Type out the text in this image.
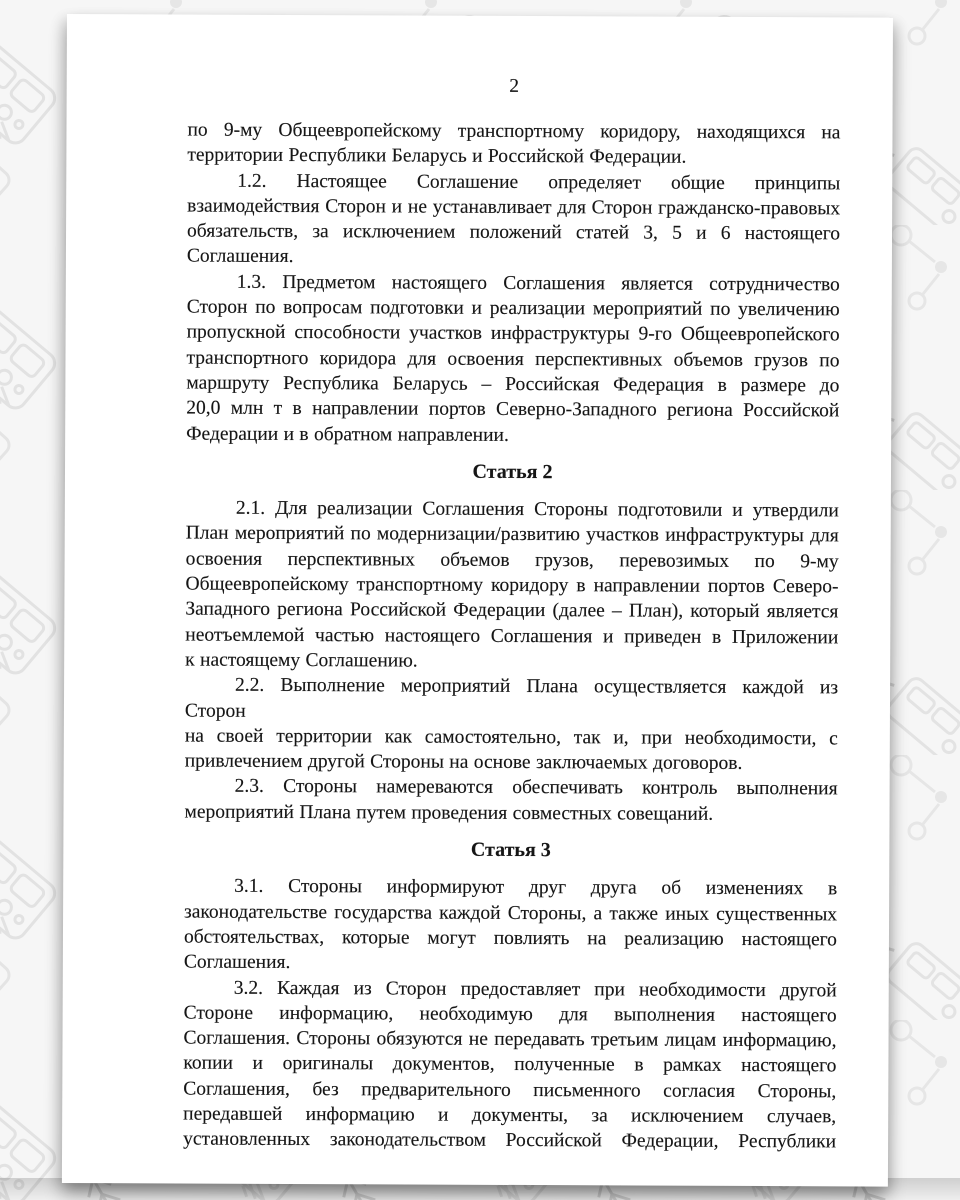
2
по 9-му Общеевропейскому транспортному коридору, находящихся на
территории Республики Беларусь и Российской Федерации.
1.2. Настоящее Соглашение определяет общие принципы
взаимодействия Сторон и не устанавливает для Сторон гражданско-правовых
обязательств, за исключением положений статей 3, 5 и 6 настоящего
Соглашения.
1.3. Предметом настоящего Соглашения является сотрудничество
Сторон по вопросам подготовки и реализации мероприятий по увеличению
пропускной способности участков инфраструктуры 9-го Общеевропейского
транспортного коридора для освоения перспективных объемов грузов по
маршруту Республика Беларусь – Российская Федерация в размере до
20,0 млн т в направлении портов Северно-Западного региона Российской
Федерации и в обратном направлении.
Статья 2
2.1. Для реализации Соглашения Стороны подготовили и утвердили
План мероприятий по модернизации/развитию участков инфраструктуры для
освоения перспективных объемов грузов, перевозимых по 9-му
Общеевропейскому транспортному коридору в направлении портов Северо-
Западного региона Российской Федерации (далее – План), который является
неотъемлемой частью настоящего Соглашения и приведен в Приложении
к настоящему Соглашению.
2.2. Выполнение мероприятий Плана осуществляется каждой из Сторон
на своей территории как самостоятельно, так и, при необходимости, с
привлечением другой Стороны на основе заключаемых договоров.
2.3. Стороны намереваются обеспечивать контроль выполнения
мероприятий Плана путем проведения совместных совещаний.
Статья 3
3.1. Стороны информируют друг друга об изменениях в
законодательстве государства каждой Стороны, а также иных существенных
обстоятельствах, которые могут повлиять на реализацию настоящего
Соглашения.
3.2. Каждая из Сторон предоставляет при необходимости другой
Стороне информацию, необходимую для выполнения настоящего
Соглашения. Стороны обязуются не передавать третьим лицам информацию,
копии и оригиналы документов, полученные в рамках настоящего
Соглашения, без предварительного письменного согласия Стороны,
передавшей информацию и документы, за исключением случаев,
установленных законодательством Российской Федерации, Республики
